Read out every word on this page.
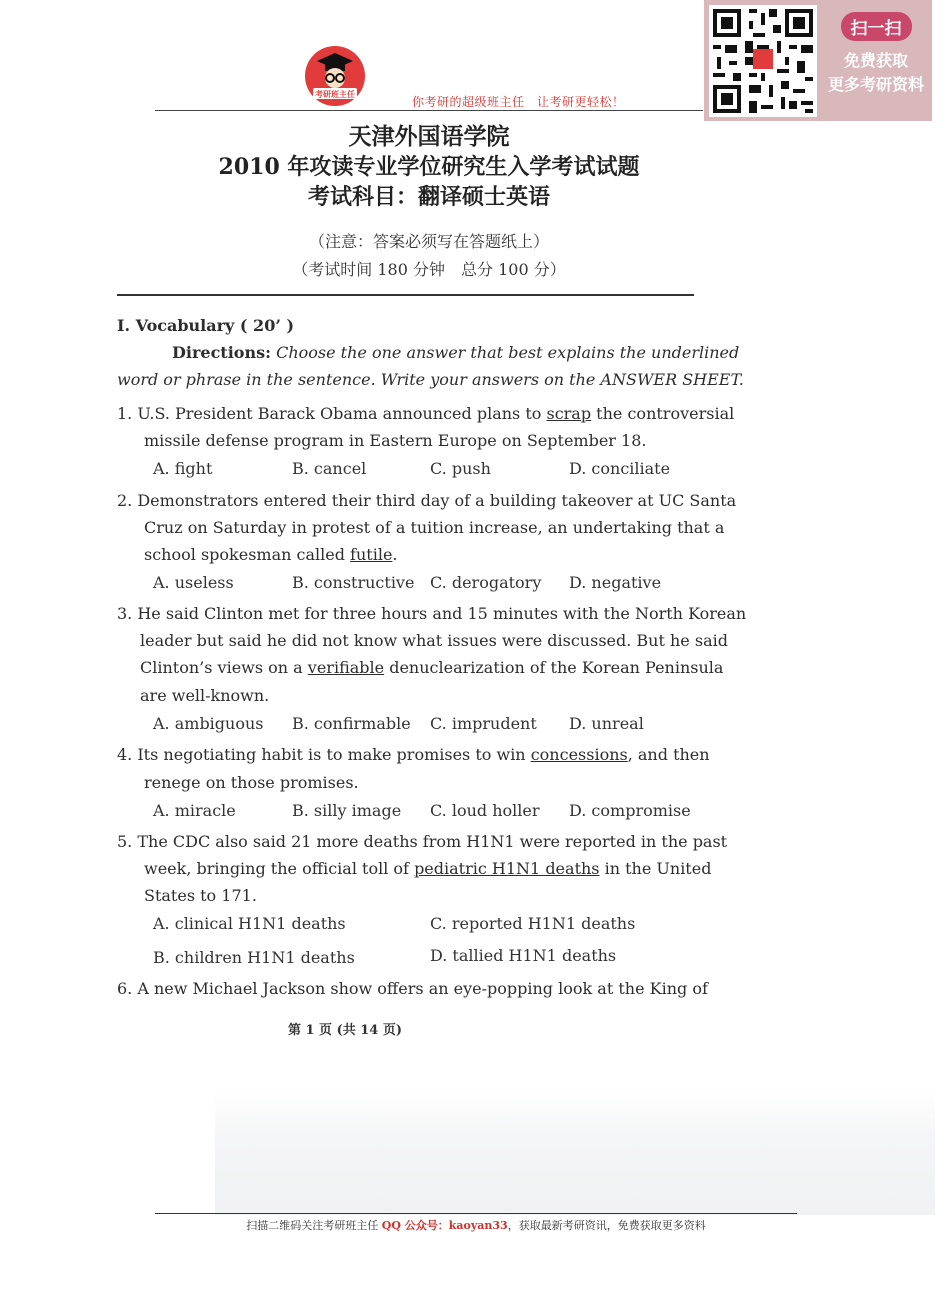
考研班主任
你考研的超级班主任　让考研更轻松！
扫一扫
免费获取
更多考研资料
天津外国语学院
2010 年攻读专业学位研究生入学考试试题
考试科目：翻译硕士英语
（注意：答案必须写在答题纸上）
（考试时间 180 分钟　总分 100 分）
I. Vocabulary ( 20’ )
Directions: Choose the one answer that best explains the underlined
word or phrase in the sentence. Write your answers on the ANSWER SHEET.
1. U.S. President Barack Obama announced plans to scrap the controversial
missile defense program in Eastern Europe on September 18.
A. fight	B. cancel	C. push	D. conciliate
2. Demonstrators entered their third day of a building takeover at UC Santa
Cruz on Saturday in protest of a tuition increase, an undertaking that a
school spokesman called futile.
A. useless	B. constructive C. derogatory D. negative
3. He said Clinton met for three hours and 15 minutes with the North Korean
leader but said he did not know what issues were discussed. But he said
Clinton’s views on a verifiable denuclearization of the Korean Peninsula
are well-known.
A. ambiguous B. confirmable C. imprudent D. unreal
4. Its negotiating habit is to make promises to win concessions, and then
renege on those promises.
A. miracle	B. silly image C. loud holler D. compromise
5. The CDC also said 21 more deaths from H1N1 were reported in the past
week, bringing the official toll of pediatric H1N1 deaths in the United
States to 171.
A. clinical H1N1 deaths	C. reported H1N1 deaths
B. children H1N1 deaths	D. tallied H1N1 deaths
6. A new Michael Jackson show offers an eye-popping look at the King of
第 1 页 (共 14 页)
扫描二维码关注考研班主任 QQ 公众号：kaoyan33，获取最新考研资讯，免费获取更多资料
